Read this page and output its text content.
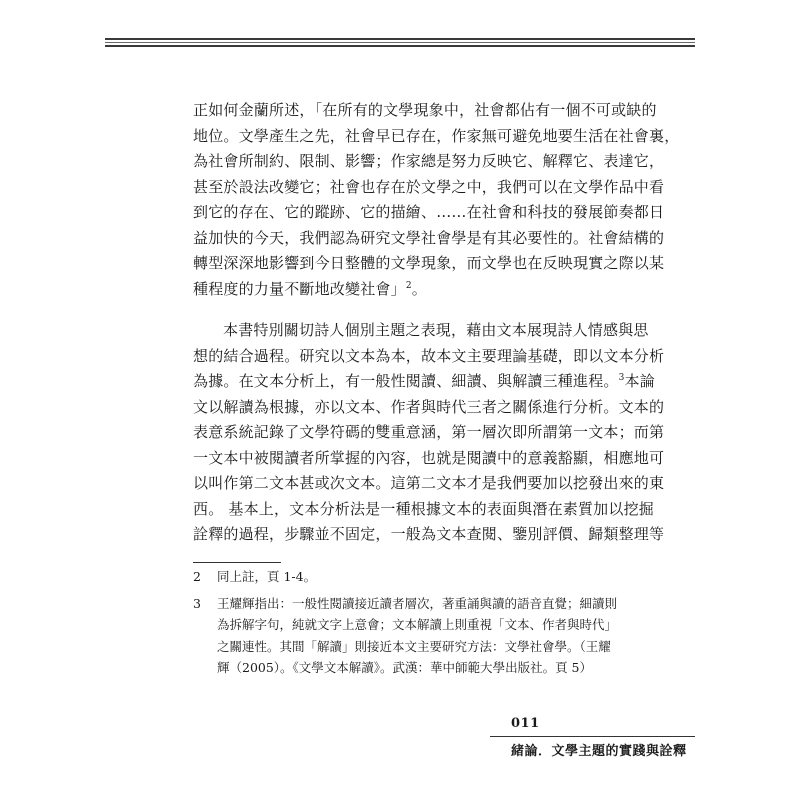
正如何金蘭所述，「在所有的文學現象中，社會都佔有一個不可或缺的
地位。文學產生之先，社會早已存在，作家無可避免地要生活在社會裏，
為社會所制約、限制、影響；作家總是努力反映它、解釋它、表達它，
甚至於設法改變它；社會也存在於文學之中，我們可以在文學作品中看
到它的存在、它的蹤跡、它的描繪、……在社會和科技的發展節奏都日
益加快的今天，我們認為研究文學社會學是有其必要性的。社會結構的
轉型深深地影響到今日整體的文學現象，而文學也在反映現實之際以某
種程度的力量不斷地改變社會」$^2$。
本書特別關切詩人個別主題之表現，藉由文本展現詩人情感與思
想的結合過程。研究以文本為本，故本文主要理論基礎，即以文本分析
為據。在文本分析上，有一般性閱讀、細讀、與解讀三種進程。$^3$本論
文以解讀為根據，亦以文本、作者與時代三者之關係進行分析。文本的
表意系統記錄了文學符碼的雙重意涵，第一層次即所謂第一文本；而第
一文本中被閱讀者所掌握的內容，也就是閱讀中的意義豁顯，相應地可
以叫作第二文本甚或次文本。這第二文本才是我們要加以挖發出來的東
西。 基本上，文本分析法是一種根據文本的表面與潛在素質加以挖掘
詮釋的過程，步驟並不固定，一般為文本查閱、鑒別評價、歸類整理等
2 同上註，頁 1-4。
3 王耀輝指出：一般性閱讀接近讀者層次，著重誦與讀的語音直覺；細讀則
為拆解字句，純就文字上意會；文本解讀上則重視「文本、作者與時代」
之關連性。其間「解讀」則接近本文主要研究方法：文學社會學。（王耀
輝（2005）。《文學文本解讀》。武漢：華中師範大學出版社。頁 5）
011
緒論．文學主題的實踐與詮釋
